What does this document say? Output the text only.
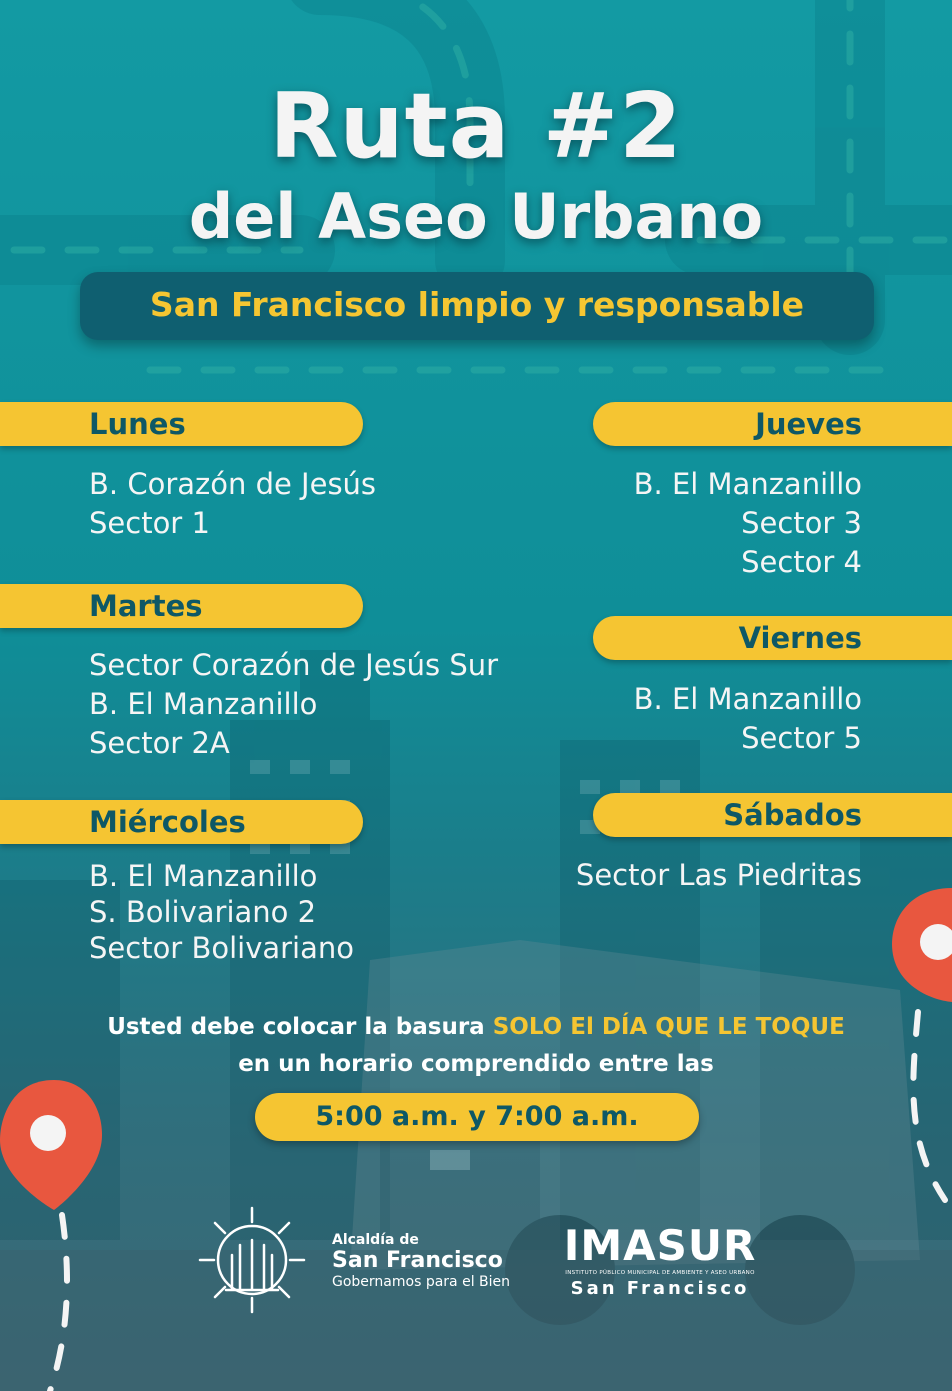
Ruta #2
del Aseo Urbano
San Francisco limpio y responsable
Lunes
B. Corazón de Jesús
Sector 1
Martes
Sector Corazón de Jesús Sur
B. El Manzanillo
Sector 2A
Miércoles
B. El Manzanillo
S. Bolivariano 2
Sector Bolivariano
Jueves
B. El Manzanillo
Sector 3
Sector 4
Viernes
B. El Manzanillo
Sector 5
Sábados
Sector Las Piedritas
Usted debe colocar la basura SOLO El DÍA QUE LE TOQUE
en un horario comprendido entre las
5:00 a.m. y 7:00 a.m.
Alcaldía de
San Francisco
Gobernamos para el Bien
IMASUR
INSTITUTO PÚBLICO MUNICIPAL DE AMBIENTE Y ASEO URBANO
San Francisco
